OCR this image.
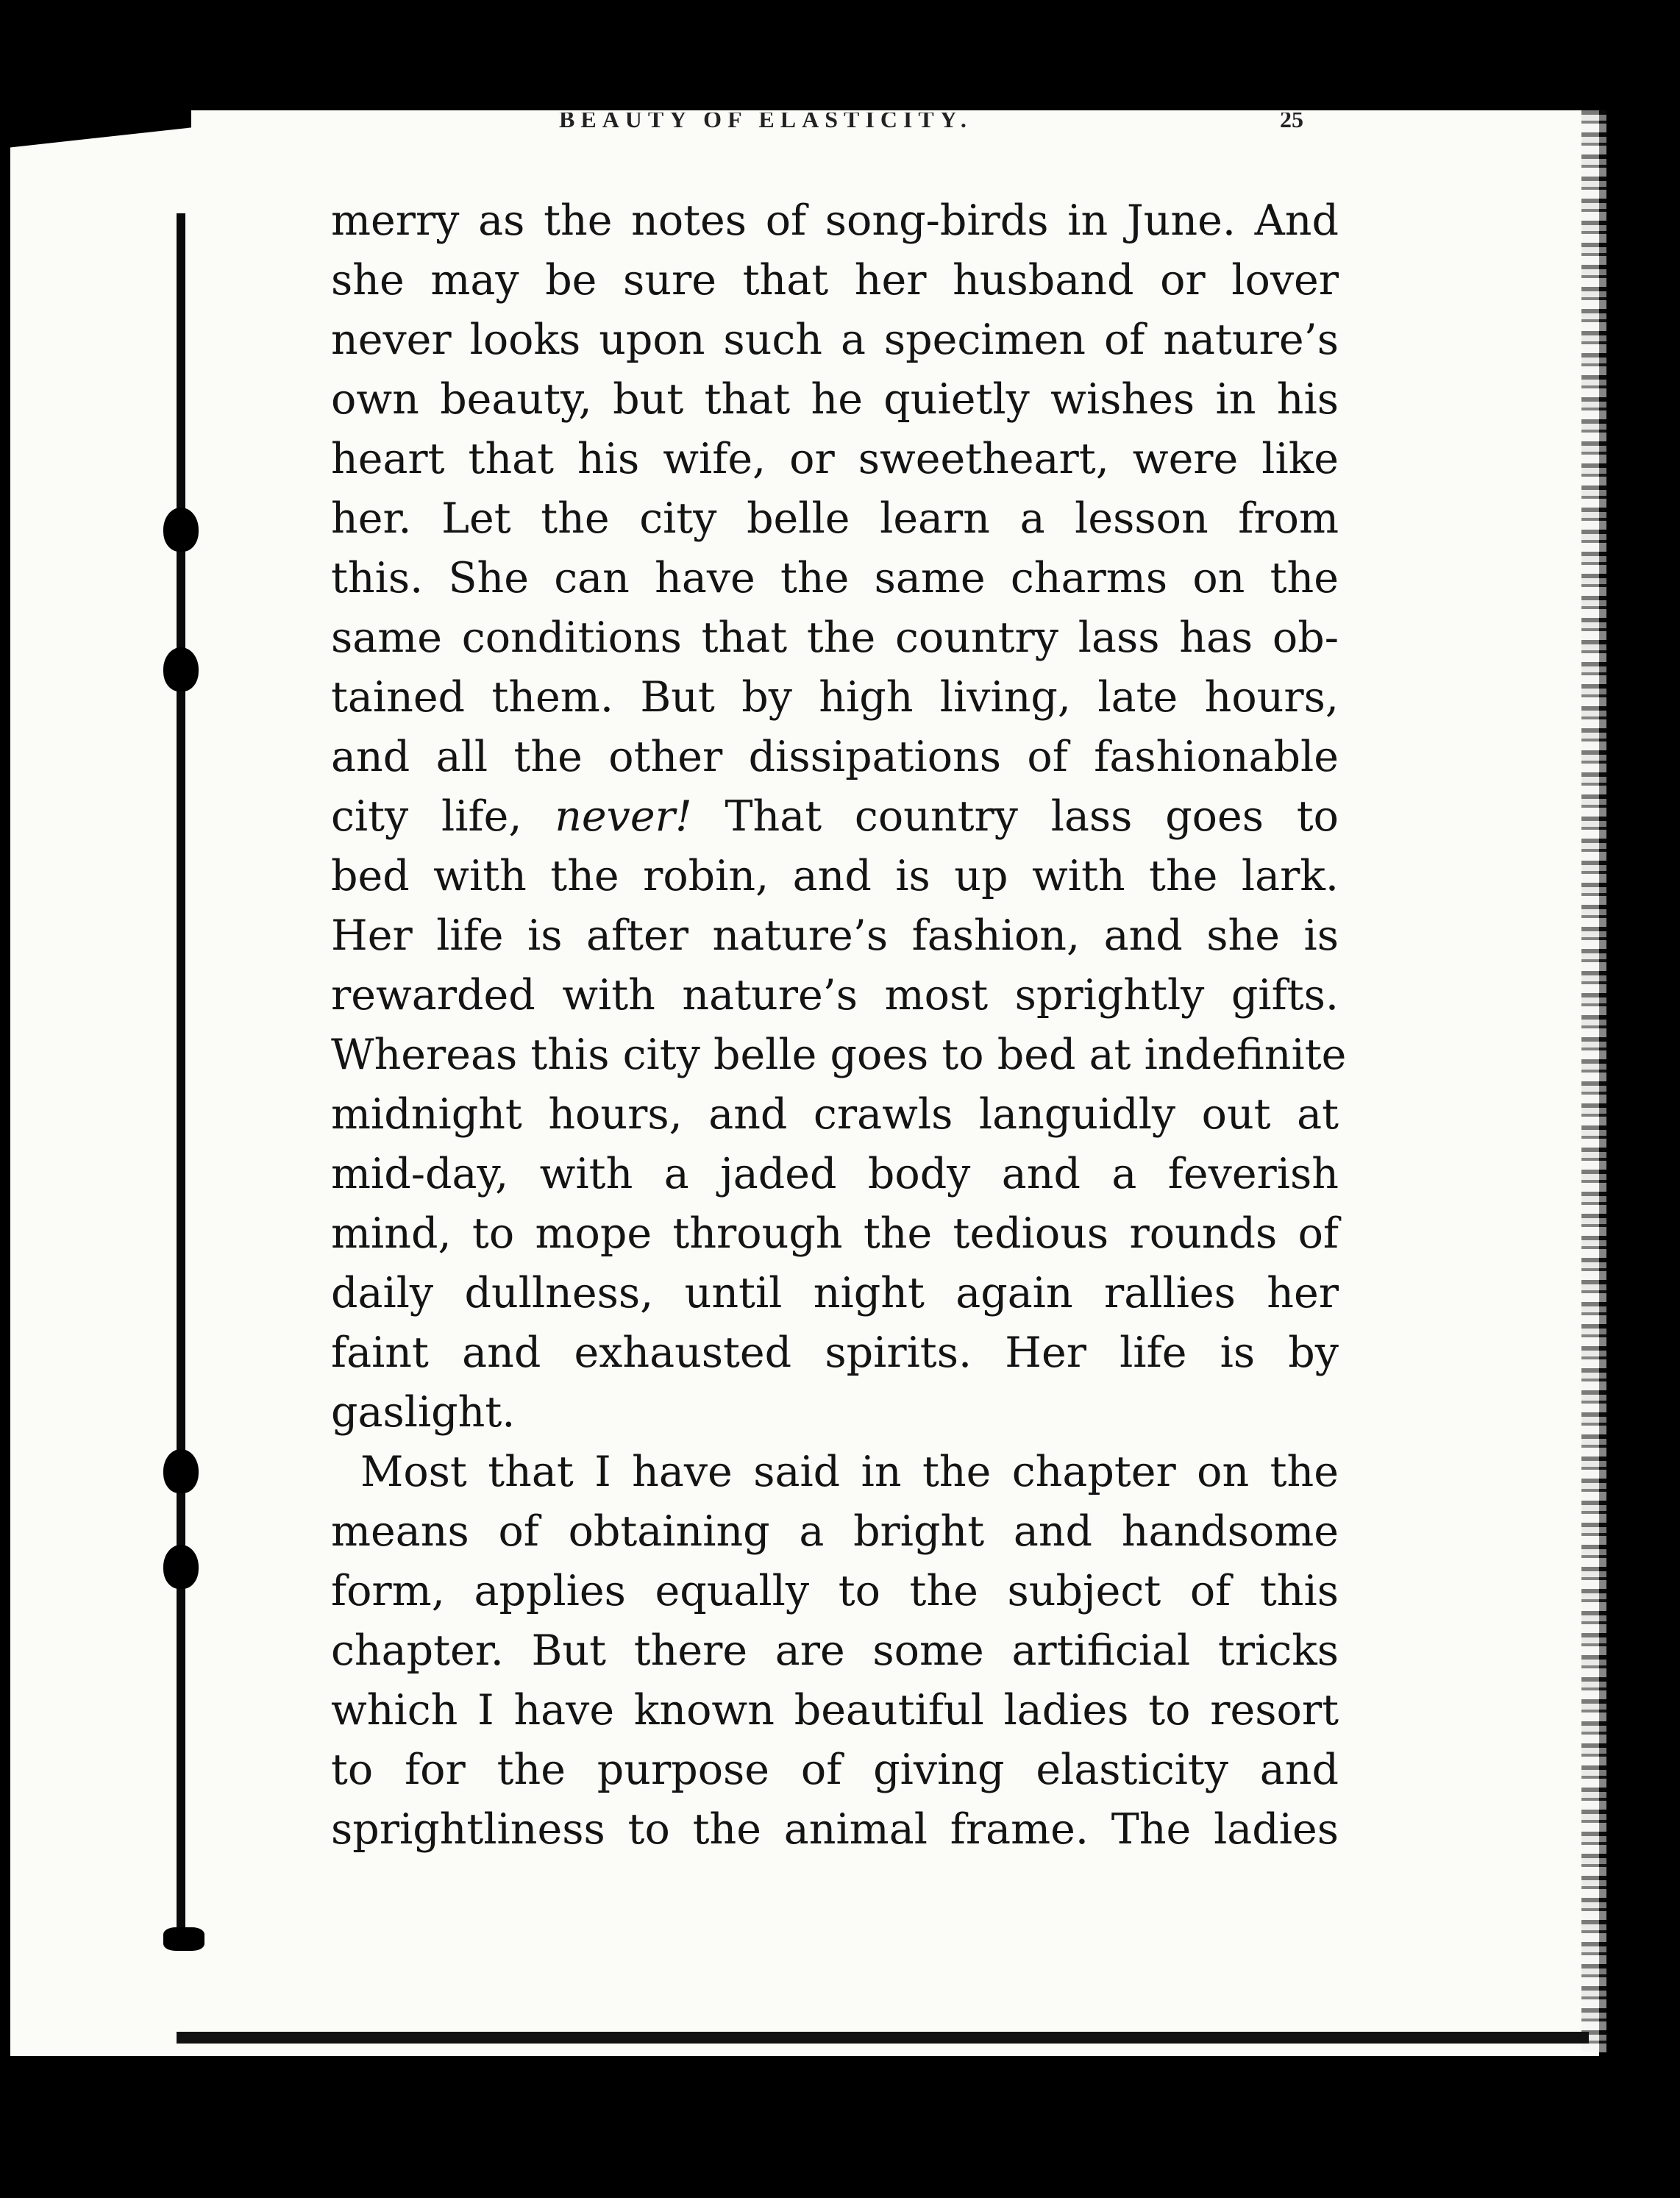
BEAUTY OF ELASTICITY.	25
merry as the notes of song-birds in June. And
she may be sure that her husband or lover
never looks upon such a specimen of nature’s
own beauty, but that he quietly wishes in his
heart that his wife, or sweetheart, were like
her. Let the city belle learn a lesson from
this. She can have the same charms on the
same conditions that the country lass has ob-
tained them. But by high living, late hours,
and all the other dissipations of fashionable
city life, never! That country lass goes to
bed with the robin, and is up with the lark.
Her life is after nature’s fashion, and she is
rewarded with nature’s most sprightly gifts.
Whereas this city belle goes to bed at indefinite
midnight hours, and crawls languidly out at
mid-day, with a jaded body and a feverish
mind, to mope through the tedious rounds of
daily dullness, until night again rallies her
faint and exhausted spirits. Her life is by
gaslight.
Most that I have said in the chapter on the
means of obtaining a bright and handsome
form, applies equally to the subject of this
chapter. But there are some artificial tricks
which I have known beautiful ladies to resort
to for the purpose of giving elasticity and
sprightliness to the animal frame. The ladies
